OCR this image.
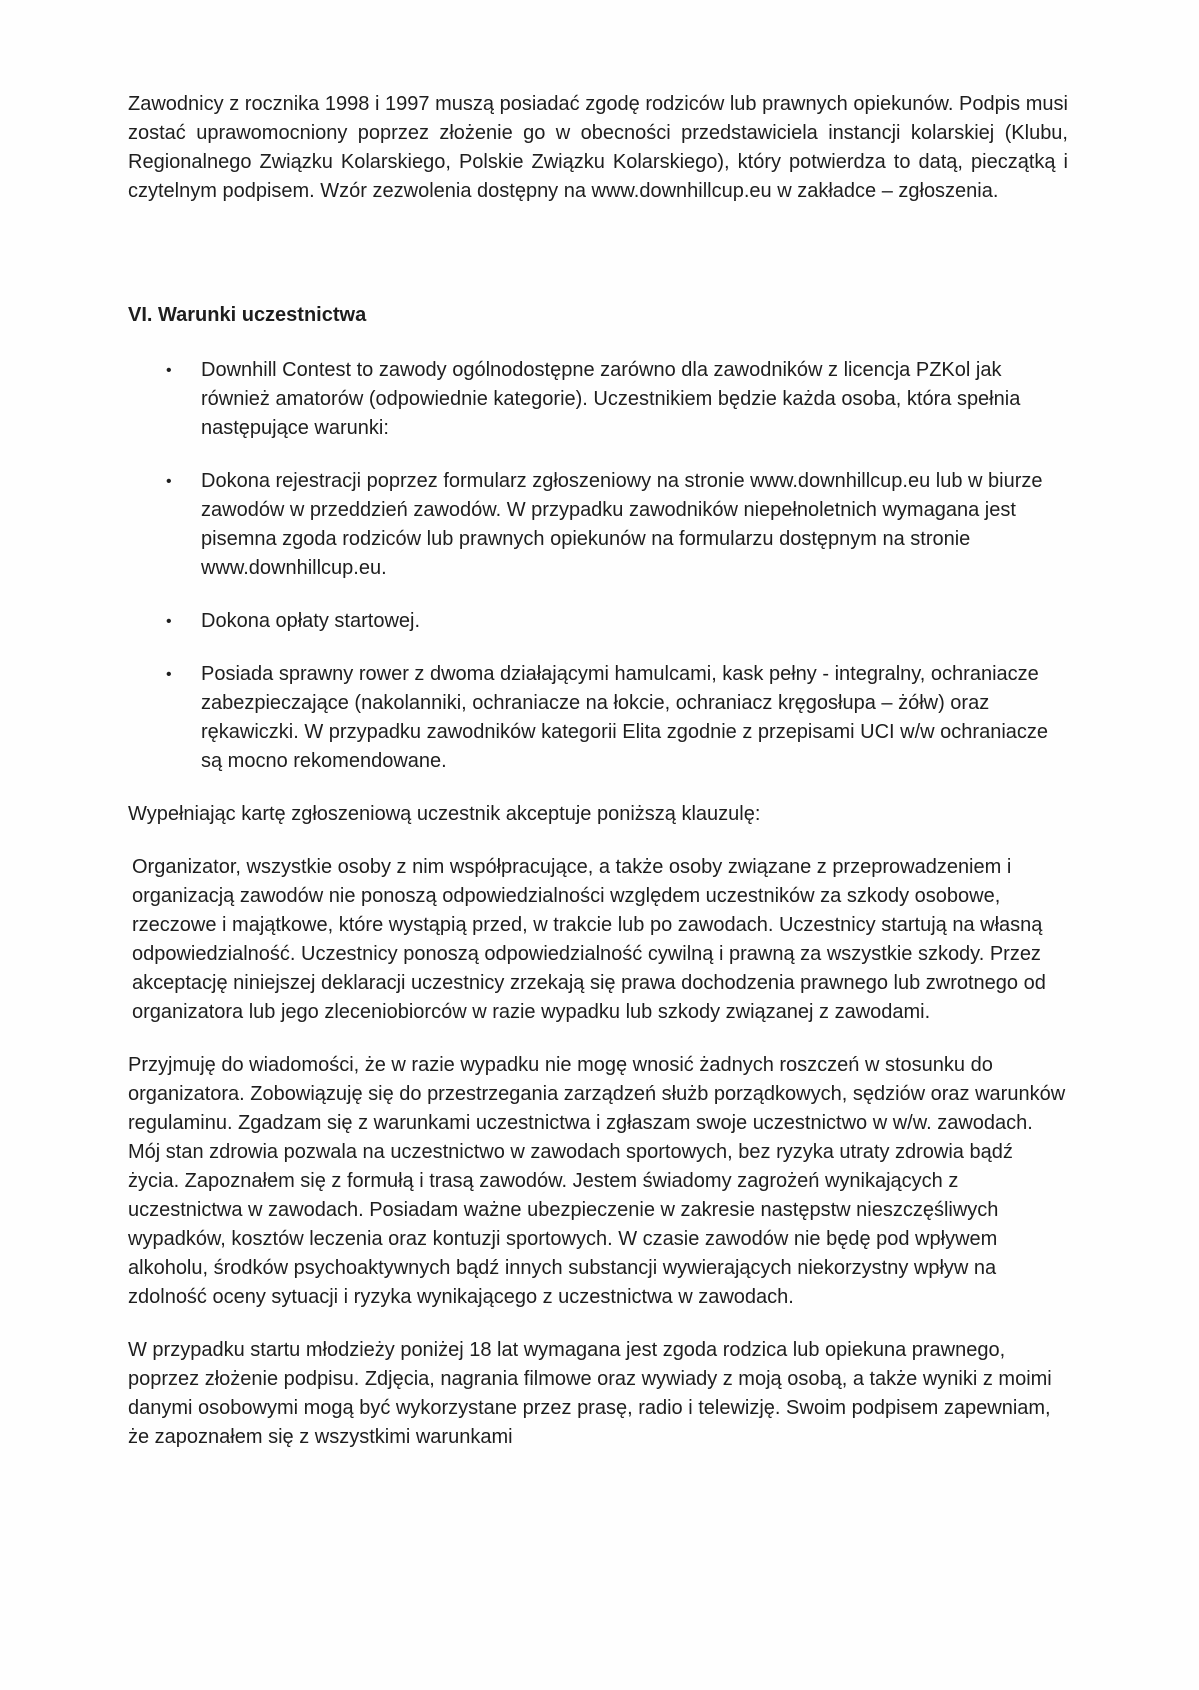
Zawodnicy z rocznika 1998 i 1997 muszą posiadać zgodę rodziców lub prawnych opiekunów. Podpis musi zostać uprawomocniony poprzez złożenie go w obecności przedstawiciela instancji kolarskiej (Klubu, Regionalnego Związku Kolarskiego, Polskie Związku Kolarskiego), który potwierdza to datą, pieczątką i czytelnym podpisem. Wzór zezwolenia dostępny na www.downhillcup.eu w zakładce – zgłoszenia.

VI. Warunki uczestnictwa
• Downhill Contest to zawody ogólnodostępne zarówno dla zawodników z licencja PZKol jak również amatorów (odpowiednie kategorie). Uczestnikiem będzie każda osoba, która spełnia następujące warunki:
• Dokona rejestracji poprzez formularz zgłoszeniowy na stronie www.downhillcup.eu lub w biurze zawodów w przeddzień zawodów. W przypadku zawodników niepełnoletnich wymagana jest pisemna zgoda rodziców lub prawnych opiekunów na formularzu dostępnym na stronie www.downhillcup.eu.
• Dokona opłaty startowej.
• Posiada sprawny rower z dwoma działającymi hamulcami, kask pełny - integralny, ochraniacze zabezpieczające (nakolanniki, ochraniacze na łokcie, ochraniacz kręgosłupa – żółw) oraz rękawiczki. W przypadku zawodników kategorii Elita zgodnie z przepisami UCI w/w ochraniacze są mocno rekomendowane.

Wypełniając kartę zgłoszeniową uczestnik akceptuje poniższą klauzulę:

Organizator, wszystkie osoby z nim współpracujące, a także osoby związane z przeprowadzeniem i organizacją zawodów nie ponoszą odpowiedzialności względem uczestników za szkody osobowe, rzeczowe i majątkowe, które wystąpią przed, w trakcie lub po zawodach. Uczestnicy startują na własną odpowiedzialność. Uczestnicy ponoszą odpowiedzialność cywilną i prawną za wszystkie szkody. Przez akceptację niniejszej deklaracji uczestnicy zrzekają się prawa dochodzenia prawnego lub zwrotnego od organizatora lub jego zleceniobiorców w razie wypadku lub szkody związanej z zawodami.

Przyjmuję do wiadomości, że w razie wypadku nie mogę wnosić żadnych roszczeń w stosunku do organizatora. Zobowiązuję się do przestrzegania zarządzeń służb porządkowych, sędziów oraz warunków regulaminu. Zgadzam się z warunkami uczestnictwa i zgłaszam swoje uczestnictwo w w/w. zawodach. Mój stan zdrowia pozwala na uczestnictwo w zawodach sportowych, bez ryzyka utraty zdrowia bądź życia. Zapoznałem się z formułą i trasą zawodów. Jestem świadomy zagrożeń wynikających z uczestnictwa w zawodach. Posiadam ważne ubezpieczenie w zakresie następstw nieszczęśliwych wypadków, kosztów leczenia oraz kontuzji sportowych. W czasie zawodów nie będę pod wpływem alkoholu, środków psychoaktywnych bądź innych substancji wywierających niekorzystny wpływ na zdolność oceny sytuacji i ryzyka wynikającego z uczestnictwa w zawodach.

W przypadku startu młodzieży poniżej 18 lat wymagana jest zgoda rodzica lub opiekuna prawnego, poprzez złożenie podpisu. Zdjęcia, nagrania filmowe oraz wywiady z moją osobą, a także wyniki z moimi danymi osobowymi mogą być wykorzystane przez prasę, radio i telewizję. Swoim podpisem zapewniam, że zapoznałem się z wszystkimi warunkami
